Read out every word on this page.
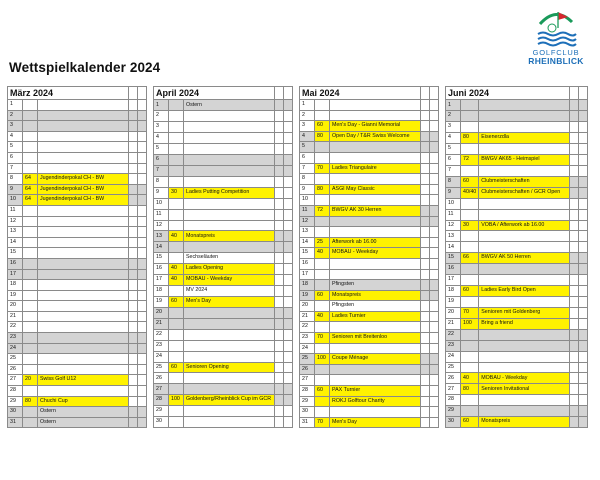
Wettspielkalender 2024
GOLFCLUB
RHEINBLICK
März 2024				
1				
2				
3				
4				
5				
6				
7				
8	64	Jugendinderpokal CH - BW		
9	64	Jugendinderpokal CH - BW		
10	64	Jugendinderpokal CH - BW		
11				
12				
13				
14				
15				
16				
17				
18				
19				
20				
21				
22				
23				
24				
25				
26				
27	20	Swiss Golf U12		
28				
29	80	Chuchi Cup		
30		Ostern		
31		Ostern		
April 2024				
1		Ostern		
2				
3				
4				
5				
6				
7				
8				
9	30	Ladies Putting Competition		
10				
11				
12				
13	40	Monatspreis		
14				
15		Sechseläuten		
16	40	Ladies Opening		
17	40	MOBAU - Weekday		
18		MV 2024		
19	60	Men's Day		
20				
21				
22				
23				
24				
25	60	Senioren Opening		
26				
27				
28	100	Goldenberg/Rheinblick Cup im GCR		
29				
30				
Mai 2024				
1				
2				
3	60	Men's Day - Gianni Memorial		
4	80	Open Day / T&R Swiss Welcome		
5				
6				
7	70	Ladies Triangulaire		
8				
9	80	ASGI May Classic		
10				
11	72	BWGV AK 30 Herren		
12				
13				
14	25	Afterwork ab 16.00		
15	40	MOBAU - Weekday		
16				
17				
18		Pfingsten		
19	60	Monatspreis		
20		Pfingsten		
21	40	Ladies Turnier		
22				
23	70	Senioren mit Breitenloo		
24				
25	100	Coupe Ménage		
26				
27				
28	60	PAX Turnier		
29		ROKJ Golftour Charity		
30				
31	70	Men's Day		
Juni 2024				
1				
2				
3				
4	80	Eisenerzdla		
5				
6	72	BWGV AK65 - Heimspiel		
7				
8	60	Clubmeisterschaften		
9	40/40	Clubmeisterschaften / GCR Open		
10				
11				
12	30	VOBA / Afterwork ab 16.00		
13				
14				
15	66	BWGV AK 50 Herren		
16				
17				
18	60	Ladies Early Bird Open		
19				
20	70	Senioren mit Goldenberg		
21	100	Bring a friend		
22				
23				
24				
25				
26	40	MOBAU - Weekday		
27	80	Senioren Invitational		
28				
29				
30	60	Monatspreis		
